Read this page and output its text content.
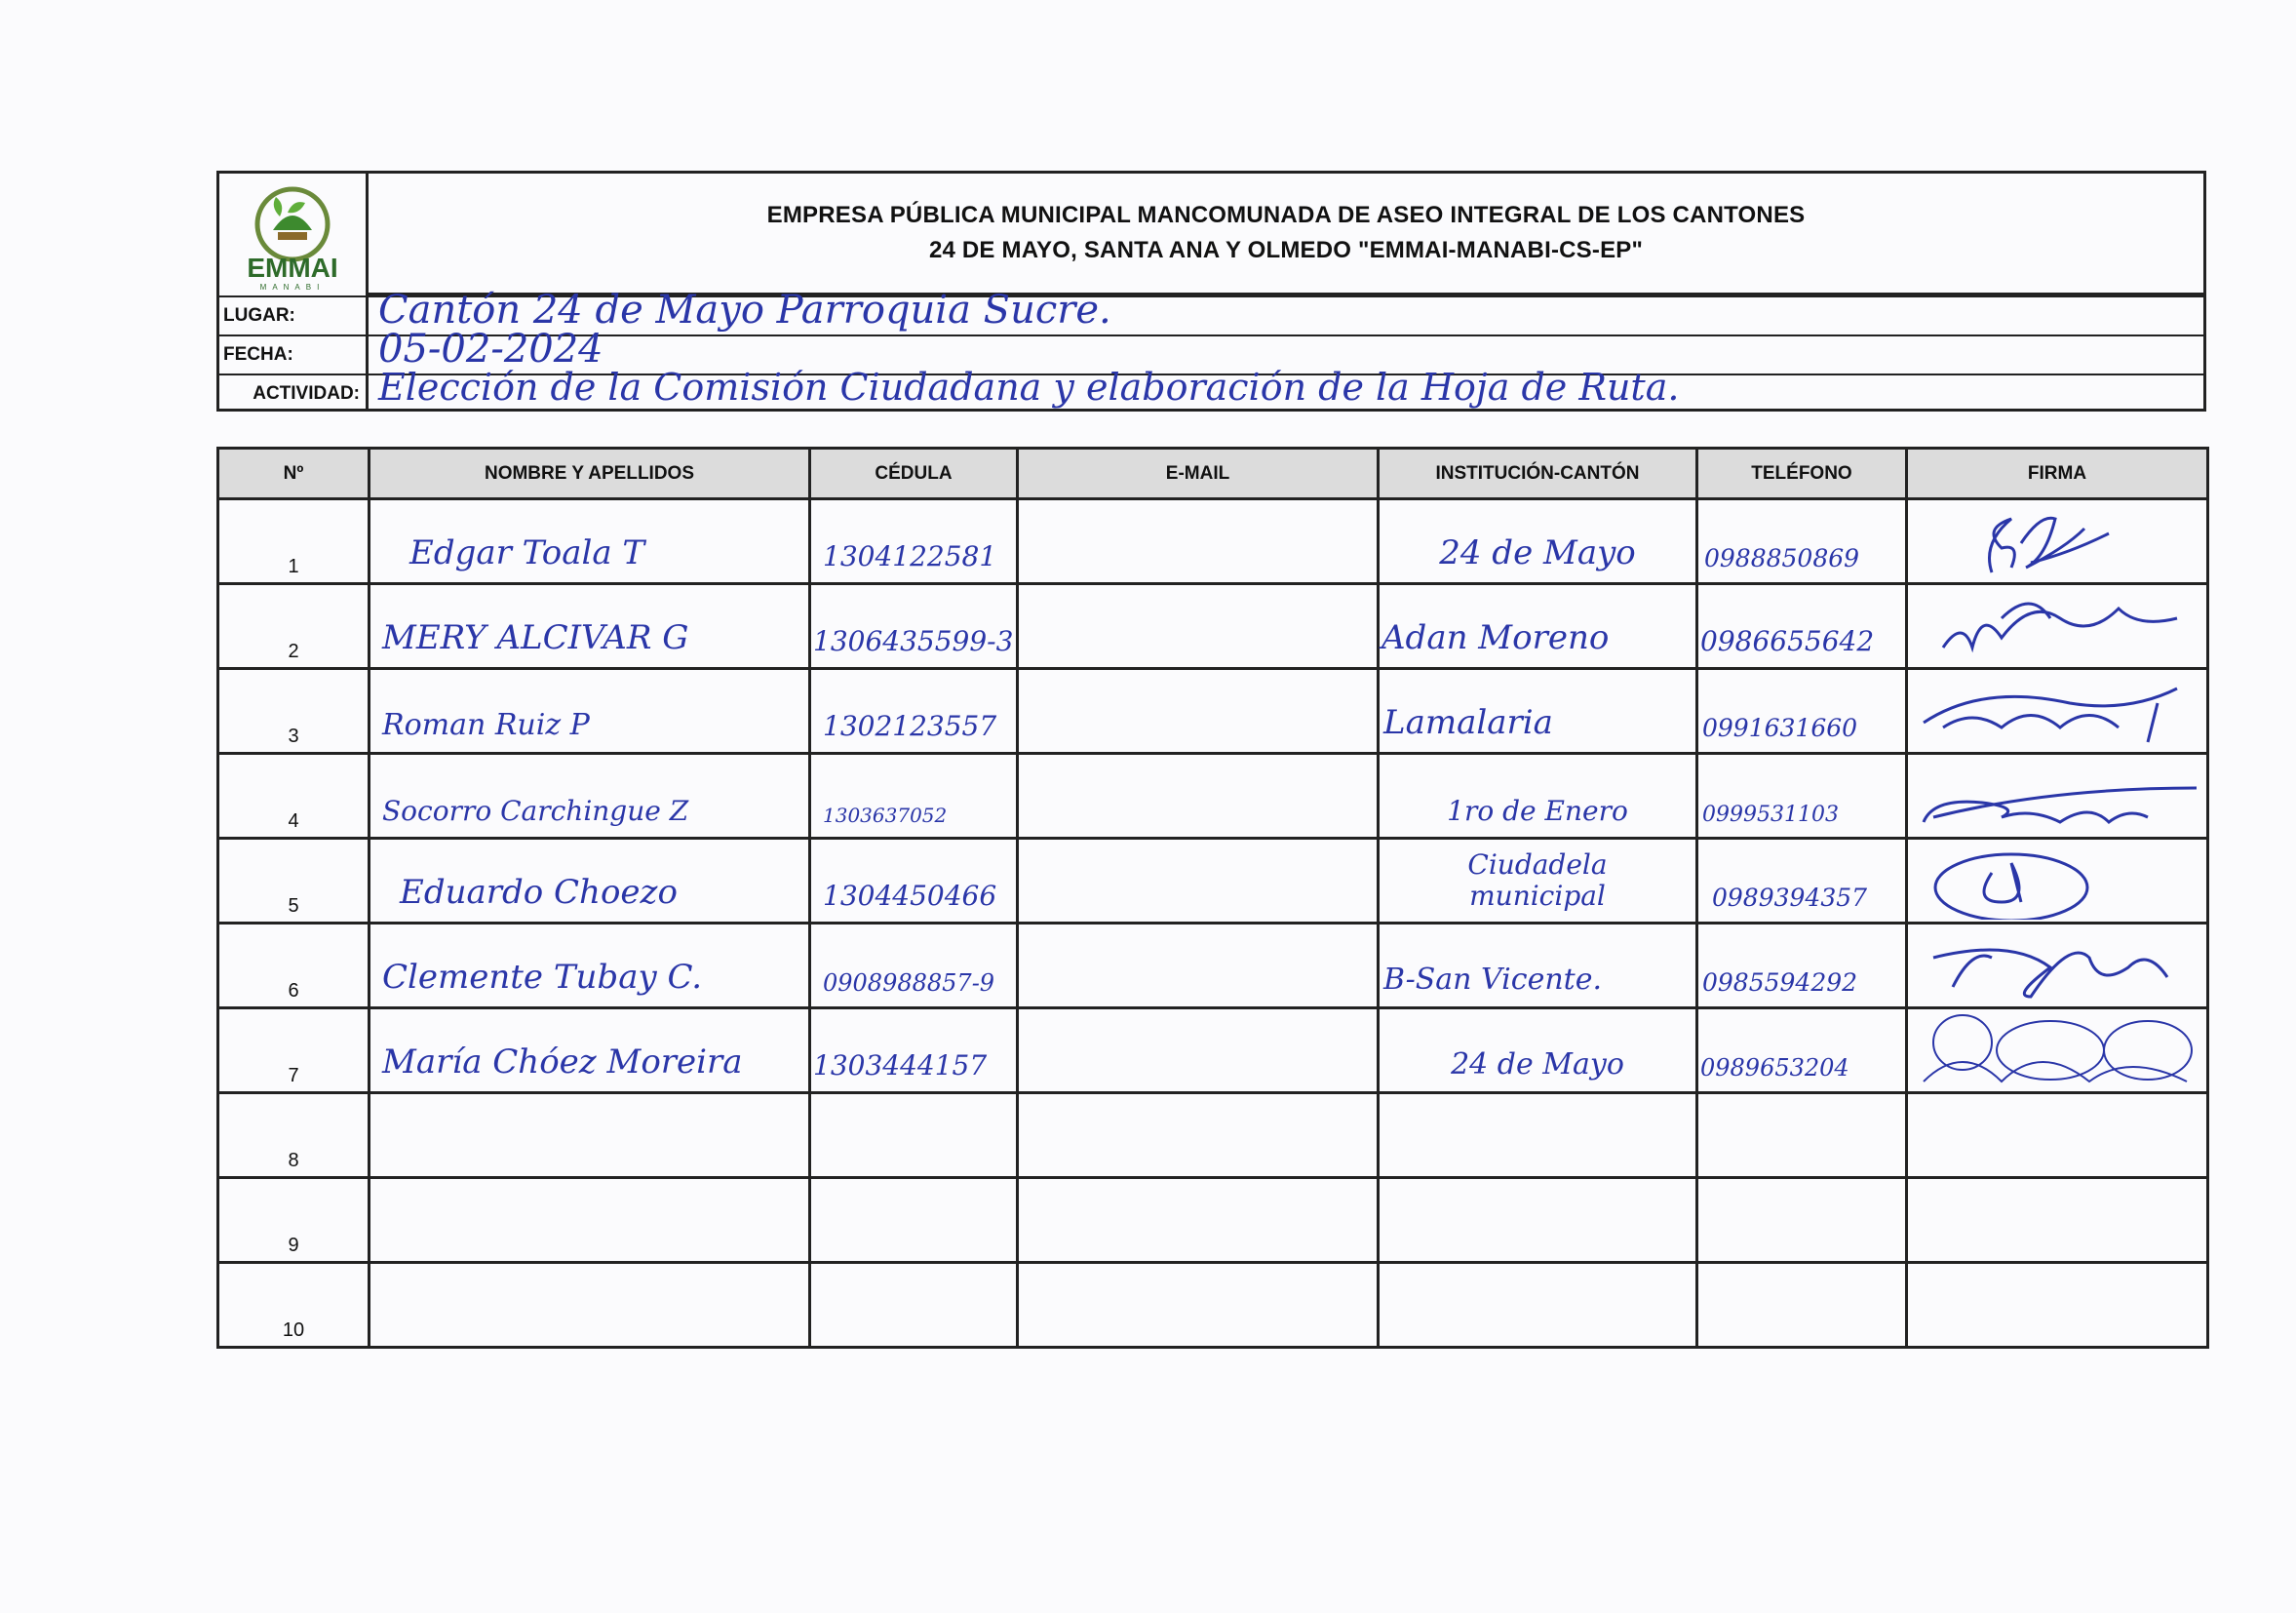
EMMAI
MANABI
EMPRESA PÚBLICA MUNICIPAL MANCOMUNADA DE ASEO INTEGRAL DE LOS CANTONES
24 DE MAYO, SANTA ANA Y OLMEDO "EMMAI-MANABI-CS-EP"
LUGAR:	Cantón 24 de Mayo Parroquia Sucre.
FECHA:	05-02-2024
ACTIVIDAD: Elección de la Comisión Ciudadana y elaboración de la Hoja de Ruta.
Nº	NOMBRE Y APELLIDOS	CÉDULA	E-MAIL	INSTITUCIÓN-CANTÓN	TELÉFONO	FIRMA

1	Edgar Toala T	1304122581		24 de Mayo	0988850869

2	MERY ALCIVAR G	1306435599-3		Adan Moreno	0986655642

3	Roman Ruiz P	1302123557		Lamalaria	0991631660

4	Socorro Carchingue Z	1303637052		1ro de Enero	0999531103

5	Eduardo Choezo	1304450466		Ciudadela municipal	0989394357

6	Clemente Tubay C.	0908988857-9		B-San Vicente.	0985594292

7	María Chóez Moreira	1303444157		24 de Mayo	0989653204

8						

9						

10						
